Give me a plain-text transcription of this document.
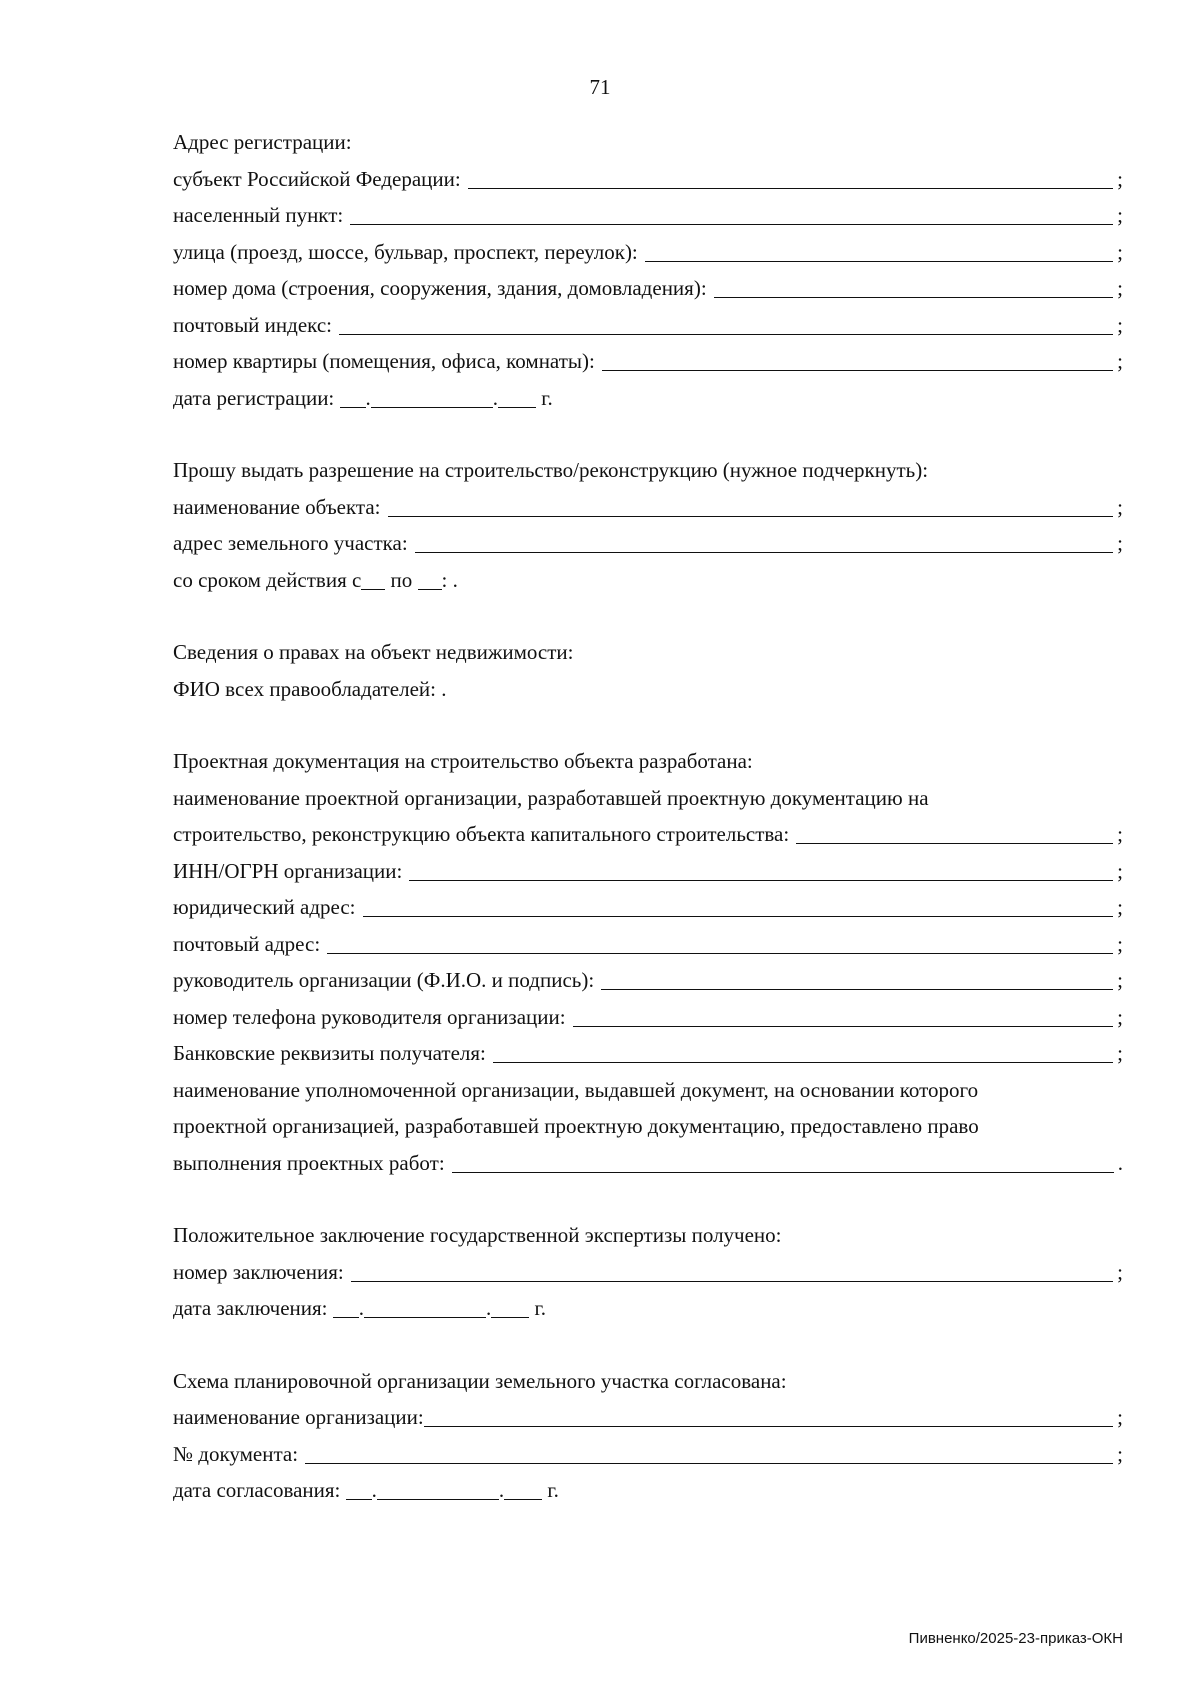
71
Адрес регистрации:
субъект Российской Федерации:	;
населенный пункт:	;
улица (проезд, шоссе, бульвар, проспект, переулок):	;
номер дома (строения, сооружения, здания, домовладения):	;
почтовый индекс:	;
номер квартиры (помещения, офиса, комнаты):	;
дата регистрации:
.	.
г.
Прошу выдать разрешение на строительство/реконструкцию (нужное подчеркнуть):
наименование объекта:	;
адрес земельного участка:	;
со сроком действия с
по
: .
Сведения о правах на объект недвижимости:
ФИО всех правообладателей: .
Проектная документация на строительство объекта разработана:
наименование проектной организации, разработавшей проектную документацию на
строительство, реконструкцию объекта капитального строительства:	;
ИНН/ОГРН организации:	;
юридический адрес:	;
почтовый адрес:	;
руководитель организации (Ф.И.О. и подпись):	;
номер телефона руководителя организации:	;
Банковские реквизиты получателя:	;
наименование уполномоченной организации, выдавшей документ, на основании которого
проектной организацией, разработавшей проектную документацию, предоставлено право
выполнения проектных работ:	.
Положительное заключение государственной экспертизы получено:
номер заключения:	;
дата заключения:
.	.
г.
Схема планировочной организации земельного участка согласована:
наименование организации:	;
№ документа:	;
дата согласования:
.	.
г.
Пивненко/2025-23-приказ-ОКН
